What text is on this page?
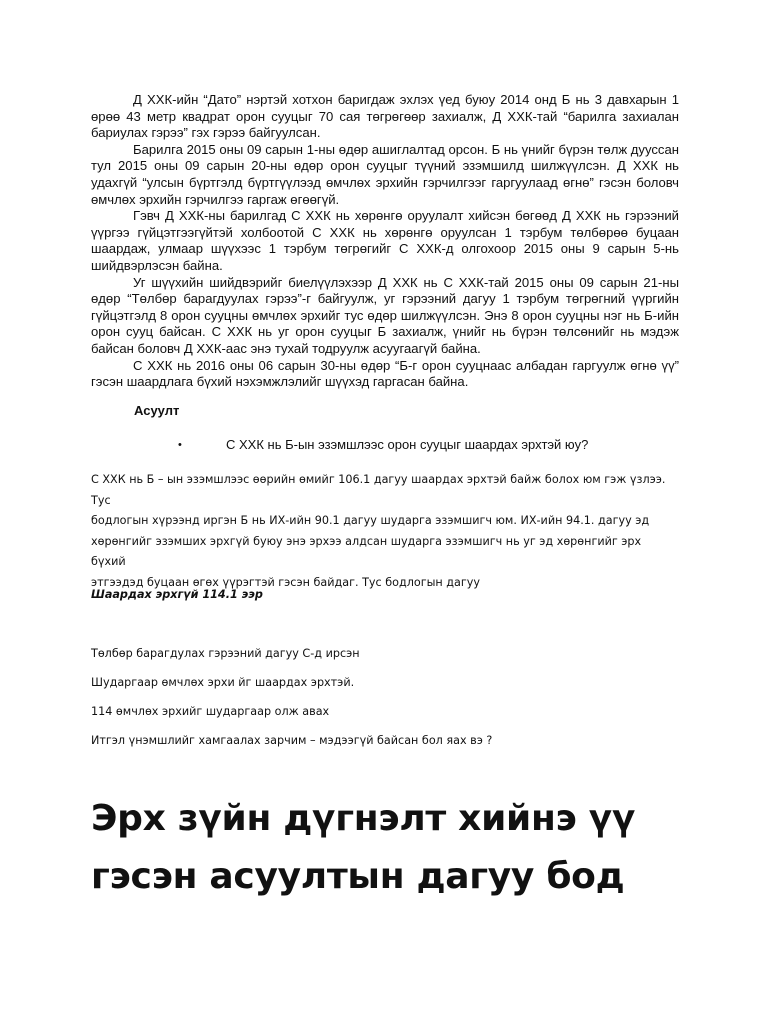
Д ХХК-ийн “Дато” нэртэй хотхон баригдаж эхлэх үед буюу 2014 онд Б нь 3 давхарын 1 өрөө 43 метр квадрат орон сууцыг 70 сая төгрөгөөр захиалж, Д ХХК-тай “барилга захиалан бариулах гэрээ” гэх гэрээ байгуулсан.

Барилга 2015 оны 09 сарын 1-ны өдөр ашиглалтад орсон. Б нь үнийг бүрэн төлж дууссан тул 2015 оны 09 сарын 20-ны өдөр орон сууцыг түүний эзэмшилд шилжүүлсэн. Д ХХК нь удахгүй “улсын бүртгэлд бүртгүүлээд өмчлөх эрхийн гэрчилгээг гаргуулаад өгнө” гэсэн боловч өмчлөх эрхийн гэрчилгээ гаргаж өгөөгүй.

Гэвч Д ХХК-ны барилгад С ХХК нь хөрөнгө оруулалт хийсэн бөгөөд Д ХХК нь гэрээний үүргээ гүйцэтгээгүйтэй холбоотой С ХХК нь хөрөнгө оруулсан 1 тэрбум төлбөрөө буцаан шаардаж, улмаар шүүхээс 1 тэрбум төгрөгийг С ХХК-д олгохоор 2015 оны 9 сарын 5-нь шийдвэрлэсэн байна.

Уг шүүхийн шийдвэрийг биелүүлэхээр Д ХХК нь С ХХК-тай 2015 оны 09 сарын 21-ны өдөр “Төлбөр барагдуулах гэрээ”-г байгуулж, уг гэрээний дагуу 1 тэрбум төгрөгний үүргийн гүйцэтгэлд 8 орон сууцны өмчлөх эрхийг тус өдөр шилжүүлсэн. Энэ 8 орон сууцны нэг нь Б-ийн орон сууц байсан. С ХХК нь уг орон сууцыг Б захиалж, үнийг нь бүрэн төлсөнийг нь мэдэж байсан боловч Д ХХК-аас энэ тухай тодруулж асуугаагүй байна.

С ХХК нь 2016 оны 06 сарын 30-ны өдөр “Б-г орон сууцнаас албадан гаргуулж өгнө үү” гэсэн шаардлага бүхий нэхэмжлэлийг шүүхэд гаргасан байна.

Асуулт

•	С ХХК нь Б-ын эзэмшлээс орон сууцыг шаардах эрхтэй юу?
С ХХК нь Б – ын эзэмшлээс өөрийн өмийг 106.1 дагуу шаардах эрхтэй байж болох юм гэж үзлээ. Тус
бодлогын хүрээнд иргэн Б нь ИХ-ийн 90.1 дагуу шударга эзэмшигч юм. ИХ-ийн 94.1. дагуу эд
хөрөнгийг эзэмших эрхгүй буюу энэ эрхээ алдсан шударга эзэмшигч нь уг эд хөрөнгийг эрх бүхий
этгээдэд буцаан өгөх үүрэгтэй гэсэн байдаг. Тус бодлогын дагуу

Шаардах эрхгүй 114.1 ээр

Төлбөр барагдулах гэрээний дагуу С-д ирсэн

Шударгаар өмчлөх эрхи йг шаардах эрхтэй.

114 өмчлөх эрхийг шударгаар олж авах

Итгэл үнэмшлийг хамгаалах зарчим – мэдээгүй байсан бол яах вэ ?

Эрх зүйн дүгнэлт хийнэ үү гэсэн асуултын дагуу бод
